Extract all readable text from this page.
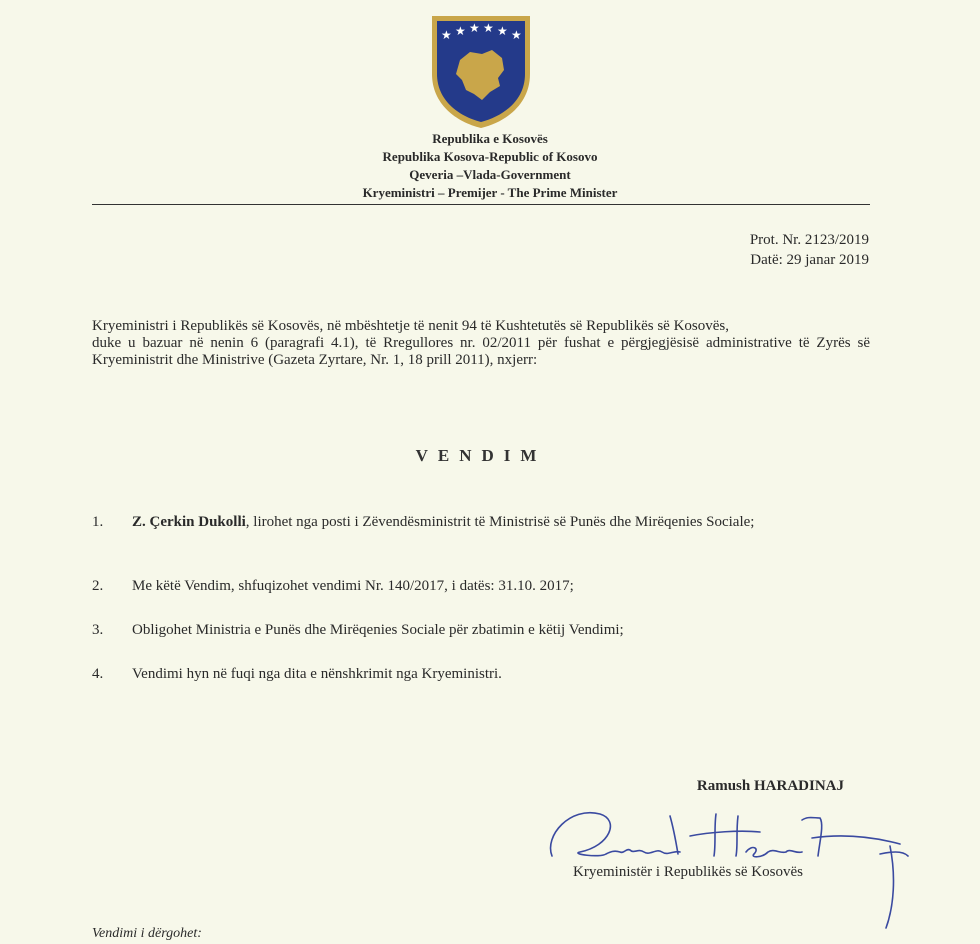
★ ★ ★ ★ ★ ★
Republika e Kosovës
Republika Kosova-Republic of Kosovo
Qeveria –Vlada-Government
Kryeministri – Premijer - The Prime Minister
Prot. Nr. 2123/2019
Datë: 29 janar 2019

Kryeministri i Republikës së Kosovës, në mbështetje të nenit 94 të Kushtetutës së Republikës së Kosovës,

duke u bazuar në nenin 6 (paragrafi 4.1), të Rregullores nr. 02/2011 për fushat e përgjegjësisë administrative të Zyrës së Kryeministrit dhe Ministrive (Gazeta Zyrtare, Nr. 1, 18 prill 2011), nxjerr:

VENDIM
1.	Z. Çerkin Dukolli, lirohet nga posti i Zëvendësministrit të Ministrisë së Punës dhe Mirëqenies Sociale;
2.	Me këtë Vendim, shfuqizohet vendimi Nr. 140/2017, i datës: 31.10. 2017;
3.	Obligohet Ministria e Punës dhe Mirëqenies Sociale për zbatimin e këtij Vendimi;
4.	Vendimi hyn në fuqi nga dita e nënshkrimit nga Kryeministri.
Ramush HARADINAJ
Kryeministër i Republikës së Kosovës
Vendimi i dërgohet:
